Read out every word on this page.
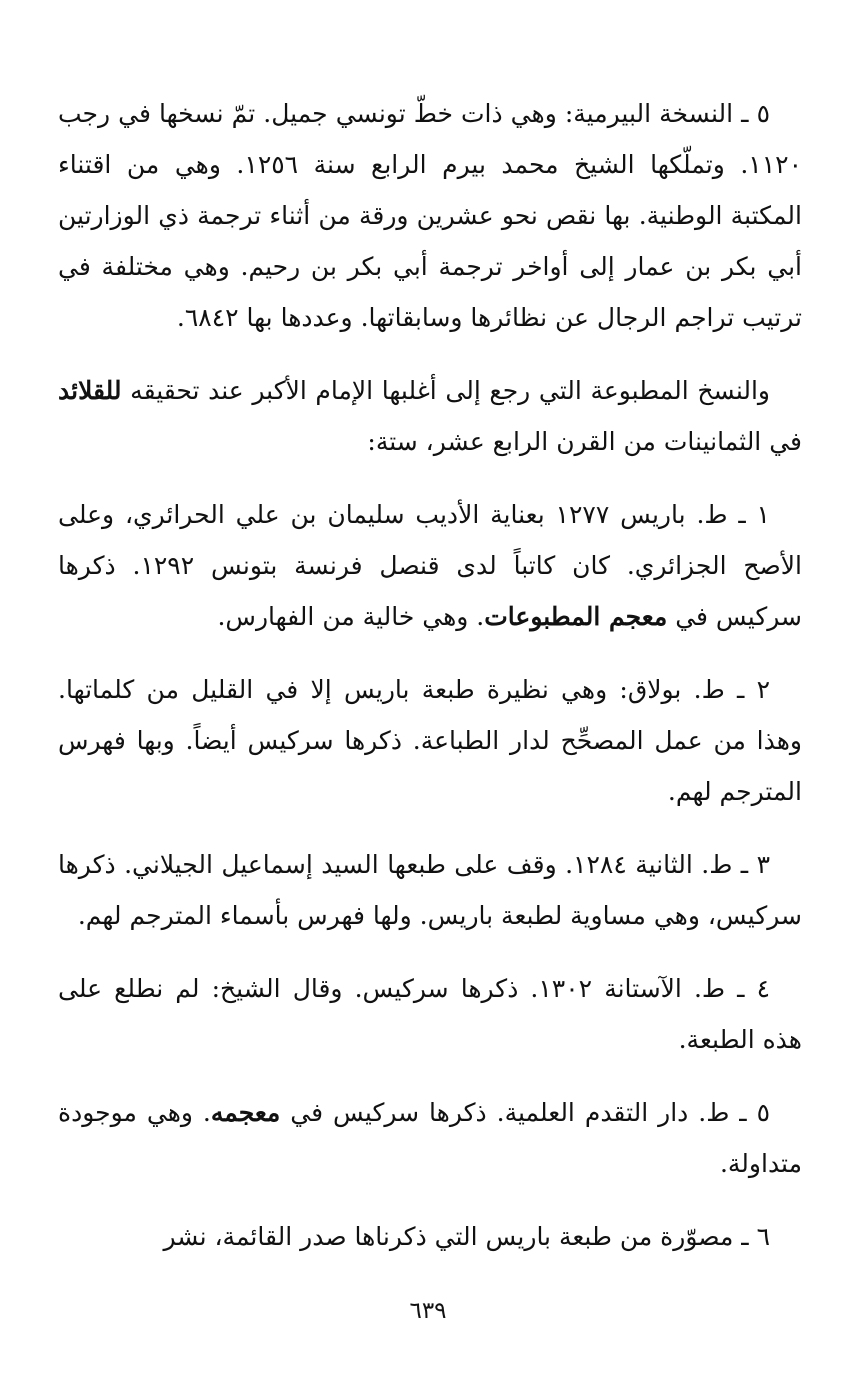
٥ ـ النسخة البيرمية: وهي ذات خطّ تونسي جميل. تمّ نسخها في رجب ١١٢٠. وتملّكها الشيخ محمد بيرم الرابع سنة ١٢٥٦. وهي من اقتناء المكتبة الوطنية. بها نقص نحو عشرين ورقة من أثناء ترجمة ذي الوزارتين أبي بكر بن عمار إلى أواخر ترجمة أبي بكر بن رحيم. وهي مختلفة في ترتيب تراجم الرجال عن نظائرها وسابقاتها. وعددها بها ٦٨٤٢.

والنسخ المطبوعة التي رجع إلى أغلبها الإمام الأكبر عند تحقيقه للقلائد في الثمانينات من القرن الرابع عشر، ستة:

١ ـ ط. باريس ١٢٧٧ بعناية الأديب سليمان بن علي الحرائري، وعلى الأصح الجزائري. كان كاتباً لدى قنصل فرنسة بتونس ١٢٩٢. ذكرها سركيس في معجم المطبوعات. وهي خالية من الفهارس.

٢ ـ ط. بولاق: وهي نظيرة طبعة باريس إلا في القليل من كلماتها. وهذا من عمل المصحِّح لدار الطباعة. ذكرها سركيس أيضاً. وبها فهرس المترجم لهم.

٣ ـ ط. الثانية ١٢٨٤. وقف على طبعها السيد إسماعيل الجيلاني. ذكرها سركيس، وهي مساوية لطبعة باريس. ولها فهرس بأسماء المترجم لهم.

٤ ـ ط. الآستانة ١٣٠٢. ذكرها سركيس. وقال الشيخ: لم نطلع على هذه الطبعة.

٥ ـ ط. دار التقدم العلمية. ذكرها سركيس في معجمه. وهي موجودة متداولة.

٦ ـ مصوّرة من طبعة باريس التي ذكرناها صدر القائمة، نشر

٦٣٩
